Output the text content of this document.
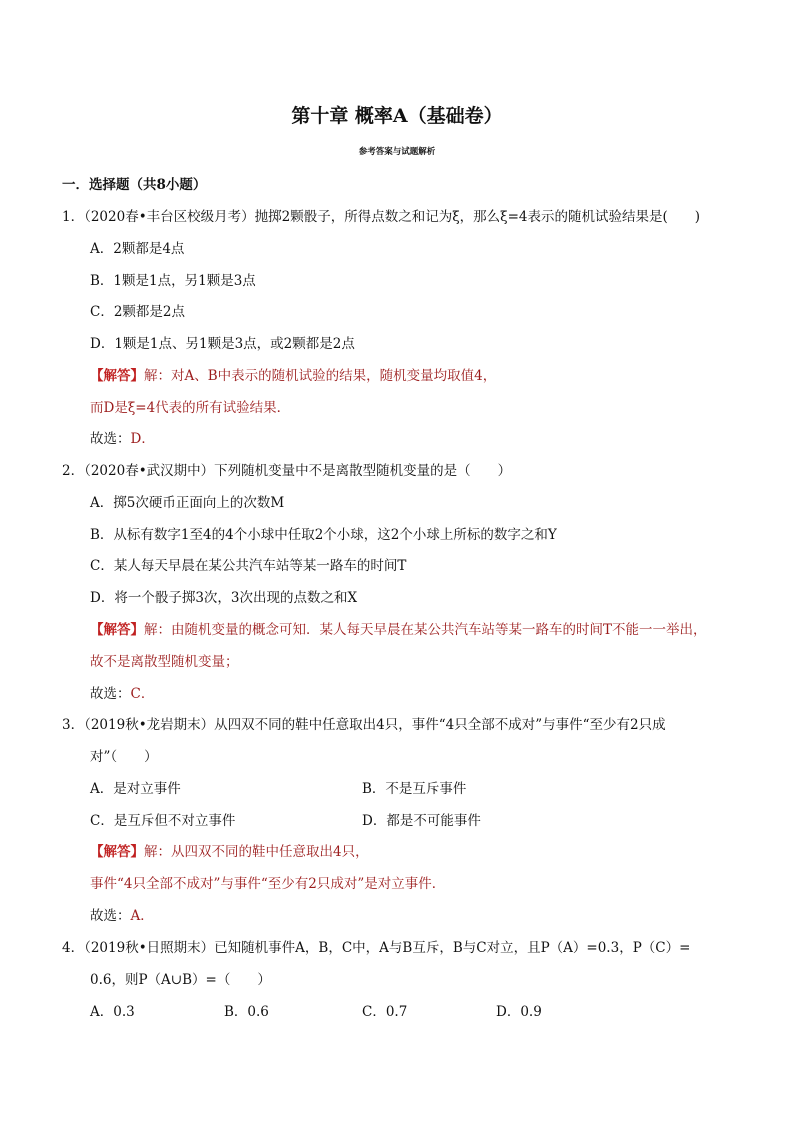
第十章 概率A（基础卷）
参考答案与试题解析
一．选择题（共8小题）
1．（2020春•丰台区校级月考）抛掷2颗骰子，所得点数之和记为ξ，那么ξ=4表示的随机试验结果是(　　)
A．2颗都是4点
B．1颗是1点，另1颗是3点
C．2颗都是2点
D．1颗是1点、另1颗是3点，或2颗都是2点
【解答】解：对A、B中表示的随机试验的结果，随机变量均取值4，
而D是ξ=4代表的所有试验结果．
故选：D．
2．（2020春•武汉期中）下列随机变量中不是离散型随机变量的是（　　）
A．掷5次硬币正面向上的次数M
B．从标有数字1至4的4个小球中任取2个小球，这2个小球上所标的数字之和Y
C．某人每天早晨在某公共汽车站等某一路车的时间T
D．将一个骰子掷3次，3次出现的点数之和X
【解答】解：由随机变量的概念可知．某人每天早晨在某公共汽车站等某一路车的时间T不能一一举出，
故不是离散型随机变量；
故选：C．
3．（2019秋•龙岩期末）从四双不同的鞋中任意取出4只，事件“4只全部不成对”与事件“至少有2只成
对”（　　）
A．是对立事件	B．不是互斥事件
C．是互斥但不对立事件	D．都是不可能事件
【解答】解：从四双不同的鞋中任意取出4只，
事件“4只全部不成对”与事件“至少有2只成对”是对立事件．
故选：A．
4．（2019秋•日照期末）已知随机事件A，B，C中，A与B互斥，B与C对立，且P（A）=0.3，P（C）=
0.6，则P（A∪B）=（　　）
A．0.3	B．0.6	C．0.7	D．0.9
